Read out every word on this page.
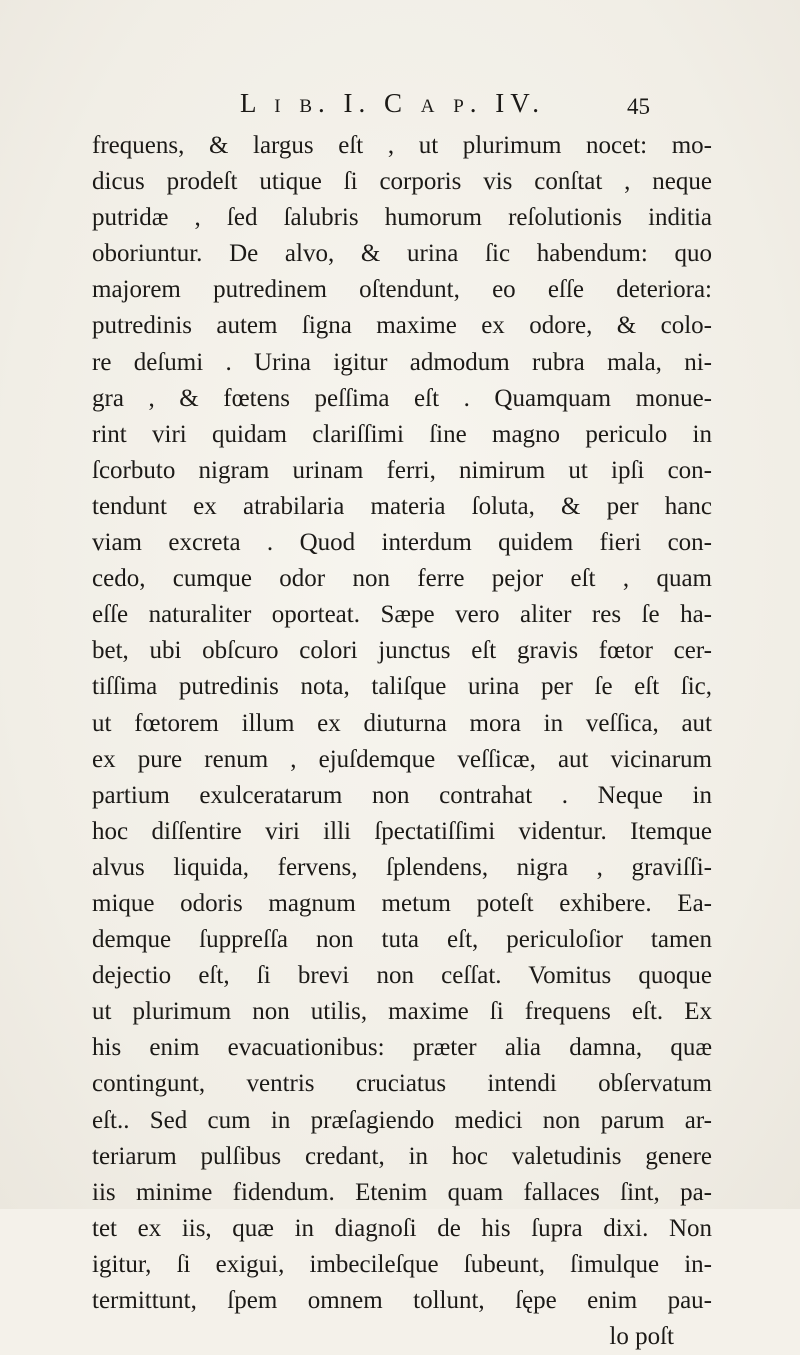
L i b. I. C a p. IV.	45
frequens, & largus eſt , ut plurimum nocet: mo-
dicus prodeſt utique ſi corporis vis conſtat , neque
putridæ , ſed ſalubris humorum reſolutionis inditia
oboriuntur. De alvo, & urina ſic habendum: quo
majorem putredinem oſtendunt, eo eſſe deteriora:
putredinis autem ſigna maxime ex odore, & colo-
re deſumi . Urina igitur admodum rubra mala, ni-
gra , & fœtens peſſima eſt . Quamquam monue-
rint viri quidam clariſſimi ſine magno periculo in
ſcorbuto nigram urinam ferri, nimirum ut ipſi con-
tendunt ex atrabilaria materia ſoluta, & per hanc
viam excreta . Quod interdum quidem fieri con-
cedo, cumque odor non ferre pejor eſt , quam
eſſe naturaliter oporteat. Sæpe vero aliter res ſe ha-
bet, ubi obſcuro colori junctus eſt gravis fœtor cer-
tiſſima putredinis nota, taliſque urina per ſe eſt ſic,
ut fœtorem illum ex diuturna mora in veſſica, aut
ex pure renum , ejuſdemque veſſicæ, aut vicinarum
partium exulceratarum non contrahat . Neque in
hoc diſſentire viri illi ſpectatiſſimi videntur. Itemque
alvus liquida, fervens, ſplendens, nigra , graviſſi-
mique odoris magnum metum poteſt exhibere. Ea-
demque ſuppreſſa non tuta eſt, periculoſior tamen
dejectio eſt, ſi brevi non ceſſat. Vomitus quoque
ut plurimum non utilis, maxime ſi frequens eſt. Ex
his enim evacuationibus: præter alia damna, quæ
contingunt, ventris cruciatus intendi obſervatum
eſt.. Sed cum in præſagiendo medici non parum ar-
teriarum pulſibus credant, in hoc valetudinis genere
iis minime fidendum. Etenim quam fallaces ſint, pa-
tet ex iis, quæ in diagnoſi de his ſupra dixi. Non
igitur, ſi exigui, imbecileſque ſubeunt, ſimulque in-
termittunt, ſpem omnem tollunt, ſępe enim pau-
lo poſt
